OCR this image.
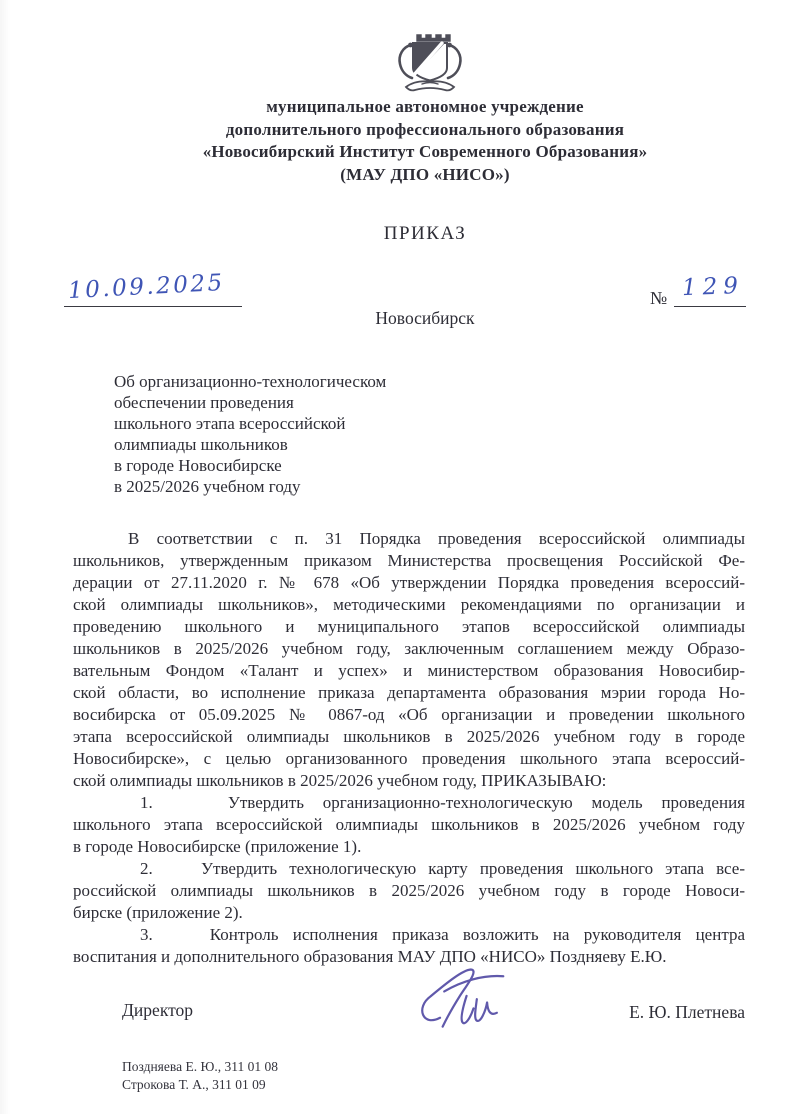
муниципальное автономное учреждение
дополнительного профессионального образования
«Новосибирский Институт Современного Образования»
(МАУ ДПО «НИСО»)
ПРИКАЗ
10.09.2025	№ 129
Новосибирск
Об организационно-технологическом
обеспечении проведения
школьного этапа всероссийской
олимпиады школьников
в городе Новосибирске
в 2025/2026 учебном году
В соответствии с п. 31 Порядка проведения всероссийской олимпиады
школьников, утвержденным приказом Министерства просвещения Российской Фе-
дерации от 27.11.2020 г. № 678 «Об утверждении Порядка проведения всероссий-
ской олимпиады школьников», методическими рекомендациями по организации и
проведению школьного и муниципального этапов всероссийской олимпиады
школьников в 2025/2026 учебном году, заключенным соглашением между Образо-
вательным Фондом «Талант и успех» и министерством образования Новосибир-
ской области, во исполнение приказа департамента образования мэрии города Но-
восибирска от 05.09.2025 № 0867-од «Об организации и проведении школьного
этапа всероссийской олимпиады школьников в 2025/2026 учебном году в городе
Новосибирске», с целью организованного проведения школьного этапа всероссий-
ской олимпиады школьников в 2025/2026 учебном году, ПРИКАЗЫВАЮ:
1.    Утвердить организационно-технологическую модель проведения
школьного этапа всероссийской олимпиады школьников в 2025/2026 учебном году
в городе Новосибирске (приложение 1).
2.    Утвердить технологическую карту проведения школьного этапа все-
российской олимпиады школьников в 2025/2026 учебном году в городе Новоси-
бирске (приложение 2).
3.    Контроль исполнения приказа возложить на руководителя центра
воспитания и дополнительного образования МАУ ДПО «НИСО» Поздняеву Е.Ю.
Директор	Е. Ю. Плетнева
Поздняева Е. Ю., 311 01 08
Строкова Т. А., 311 01 09
